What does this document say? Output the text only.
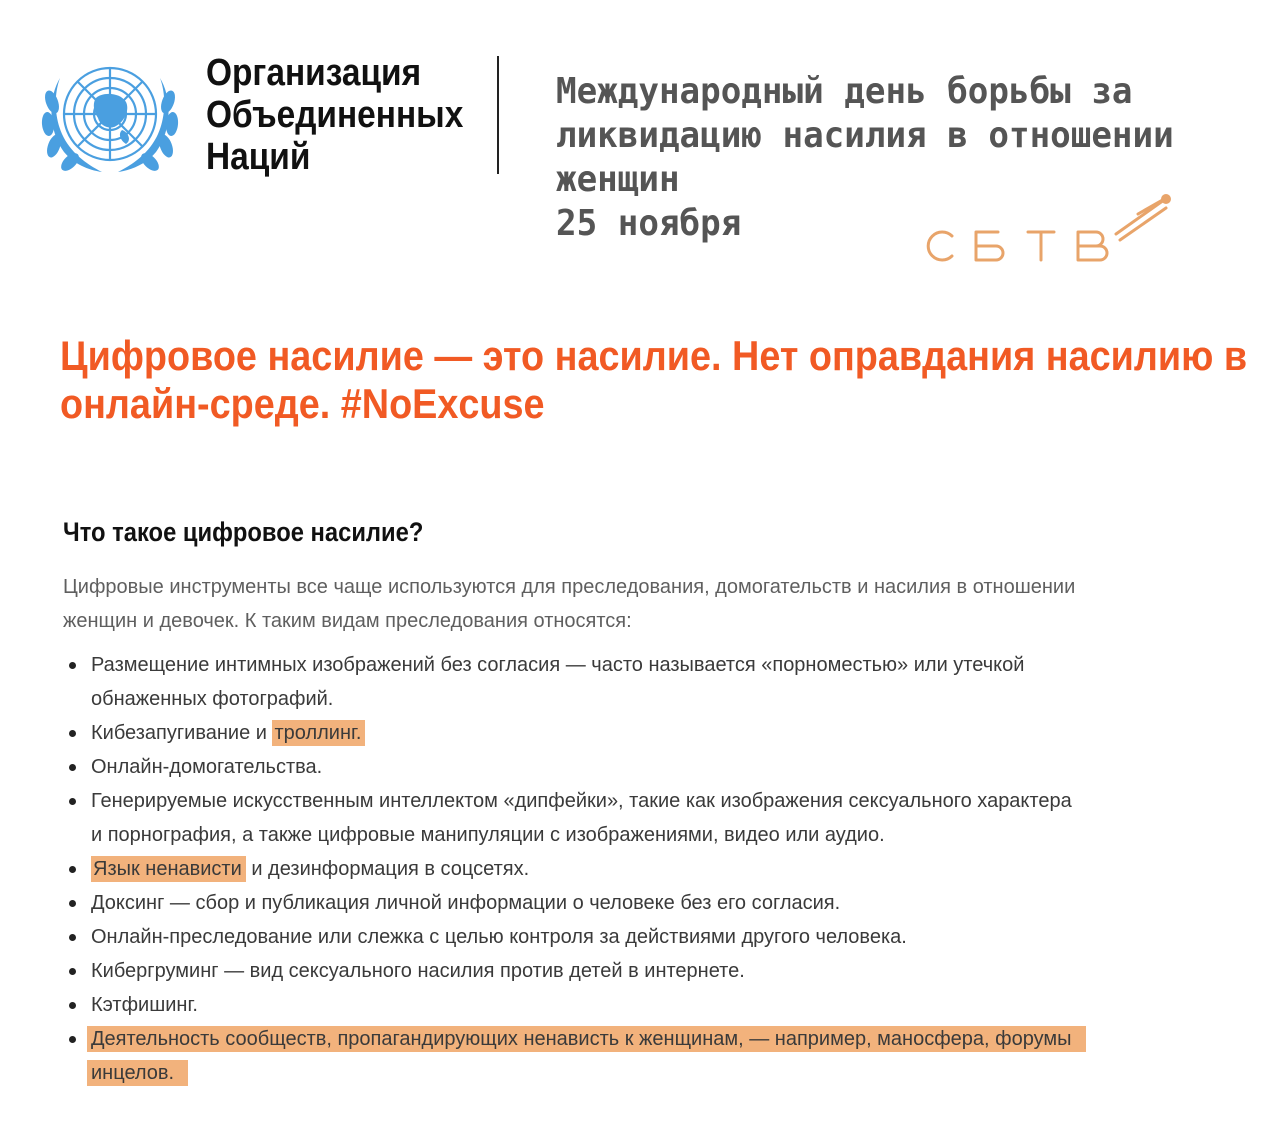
Организация
Объединенных
Наций
Международный день борьбы за
ликвидацию насилия в отношении
женщин
25 ноября
Цифровое насилие — это насилие. Нет оправдания насилию в
онлайн-среде. #NoExcuse
Что такое цифровое насилие?
Цифровые инструменты все чаще используются для преследования, домогательств и насилия в отношении
женщин и девочек. К таким видам преследования относятся:
Размещение интимных изображений без согласия — часто называется «порноместью» или утечкой
обнаженных фотографий.
Кибезапугивание и троллинг.
Онлайн-домогательства.
Генерируемые искусственным интеллектом «дипфейки», такие как изображения сексуального характера
и порнография, а также цифровые манипуляции с изображениями, видео или аудио.
Язык ненависти и дезинформация в соцсетях.
Доксинг — сбор и публикация личной информации о человеке без его согласия.
Онлайн-преследование или слежка с целью контроля за действиями другого человека.
Кибергруминг — вид сексуального насилия против детей в интернете.
Кэтфишинг.
Деятельность сообществ, пропагандирующих ненависть к женщинам, — например, маносфера, форумы
инцелов.
